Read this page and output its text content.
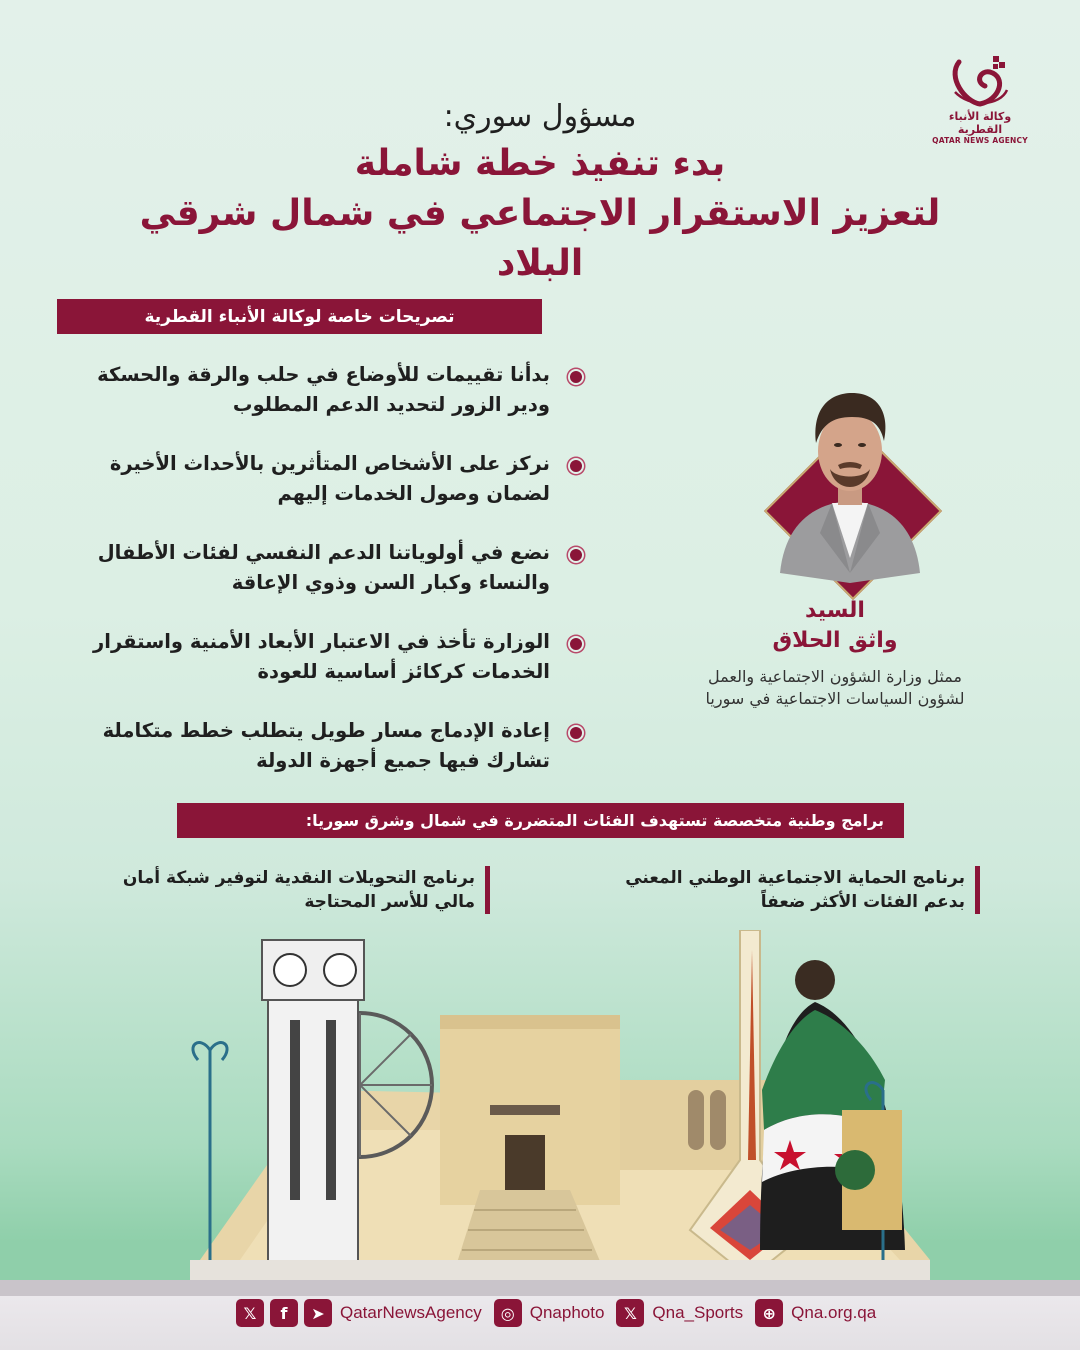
وكالة الأنباء القطرية
QATAR NEWS AGENCY
مسؤول سوري:
بدء تنفيذ خطة شاملة
لتعزيز الاستقرار الاجتماعي في شمال شرقي البلاد
تصريحات خاصة لوكالة الأنباء القطرية
بدأنا تقييمات للأوضاع في حلب والرقة والحسكة ودير الزور لتحديد الدعم المطلوب
نركز على الأشخاص المتأثرين بالأحداث الأخيرة لضمان وصول الخدمات إليهم
نضع في أولوياتنا الدعم النفسي لفئات الأطفال والنساء وكبار السن وذوي الإعاقة
الوزارة تأخذ في الاعتبار الأبعاد الأمنية واستقرار الخدمات كركائز أساسية للعودة
إعادة الإدماج مسار طويل يتطلب خطط متكاملة تشارك فيها جميع أجهزة الدولة
السيد
واثق الحلاق
ممثل وزارة الشؤون الاجتماعية والعمل لشؤون السياسات الاجتماعية في سوريا
برامج وطنية متخصصة تستهدف الفئات المتضررة في شمال وشرق سوريا:
برنامج الحماية الاجتماعية الوطني المعني بدعم الفئات الأكثر ضعفاً
برنامج التحويلات النقدية لتوفير شبكة أمان مالي للأسر المحتاجة
𝕏	f	➤ QatarNewsAgency	◎ Qnaphoto	𝕏 Qna_Sports	⊕ Qna.org.qa
